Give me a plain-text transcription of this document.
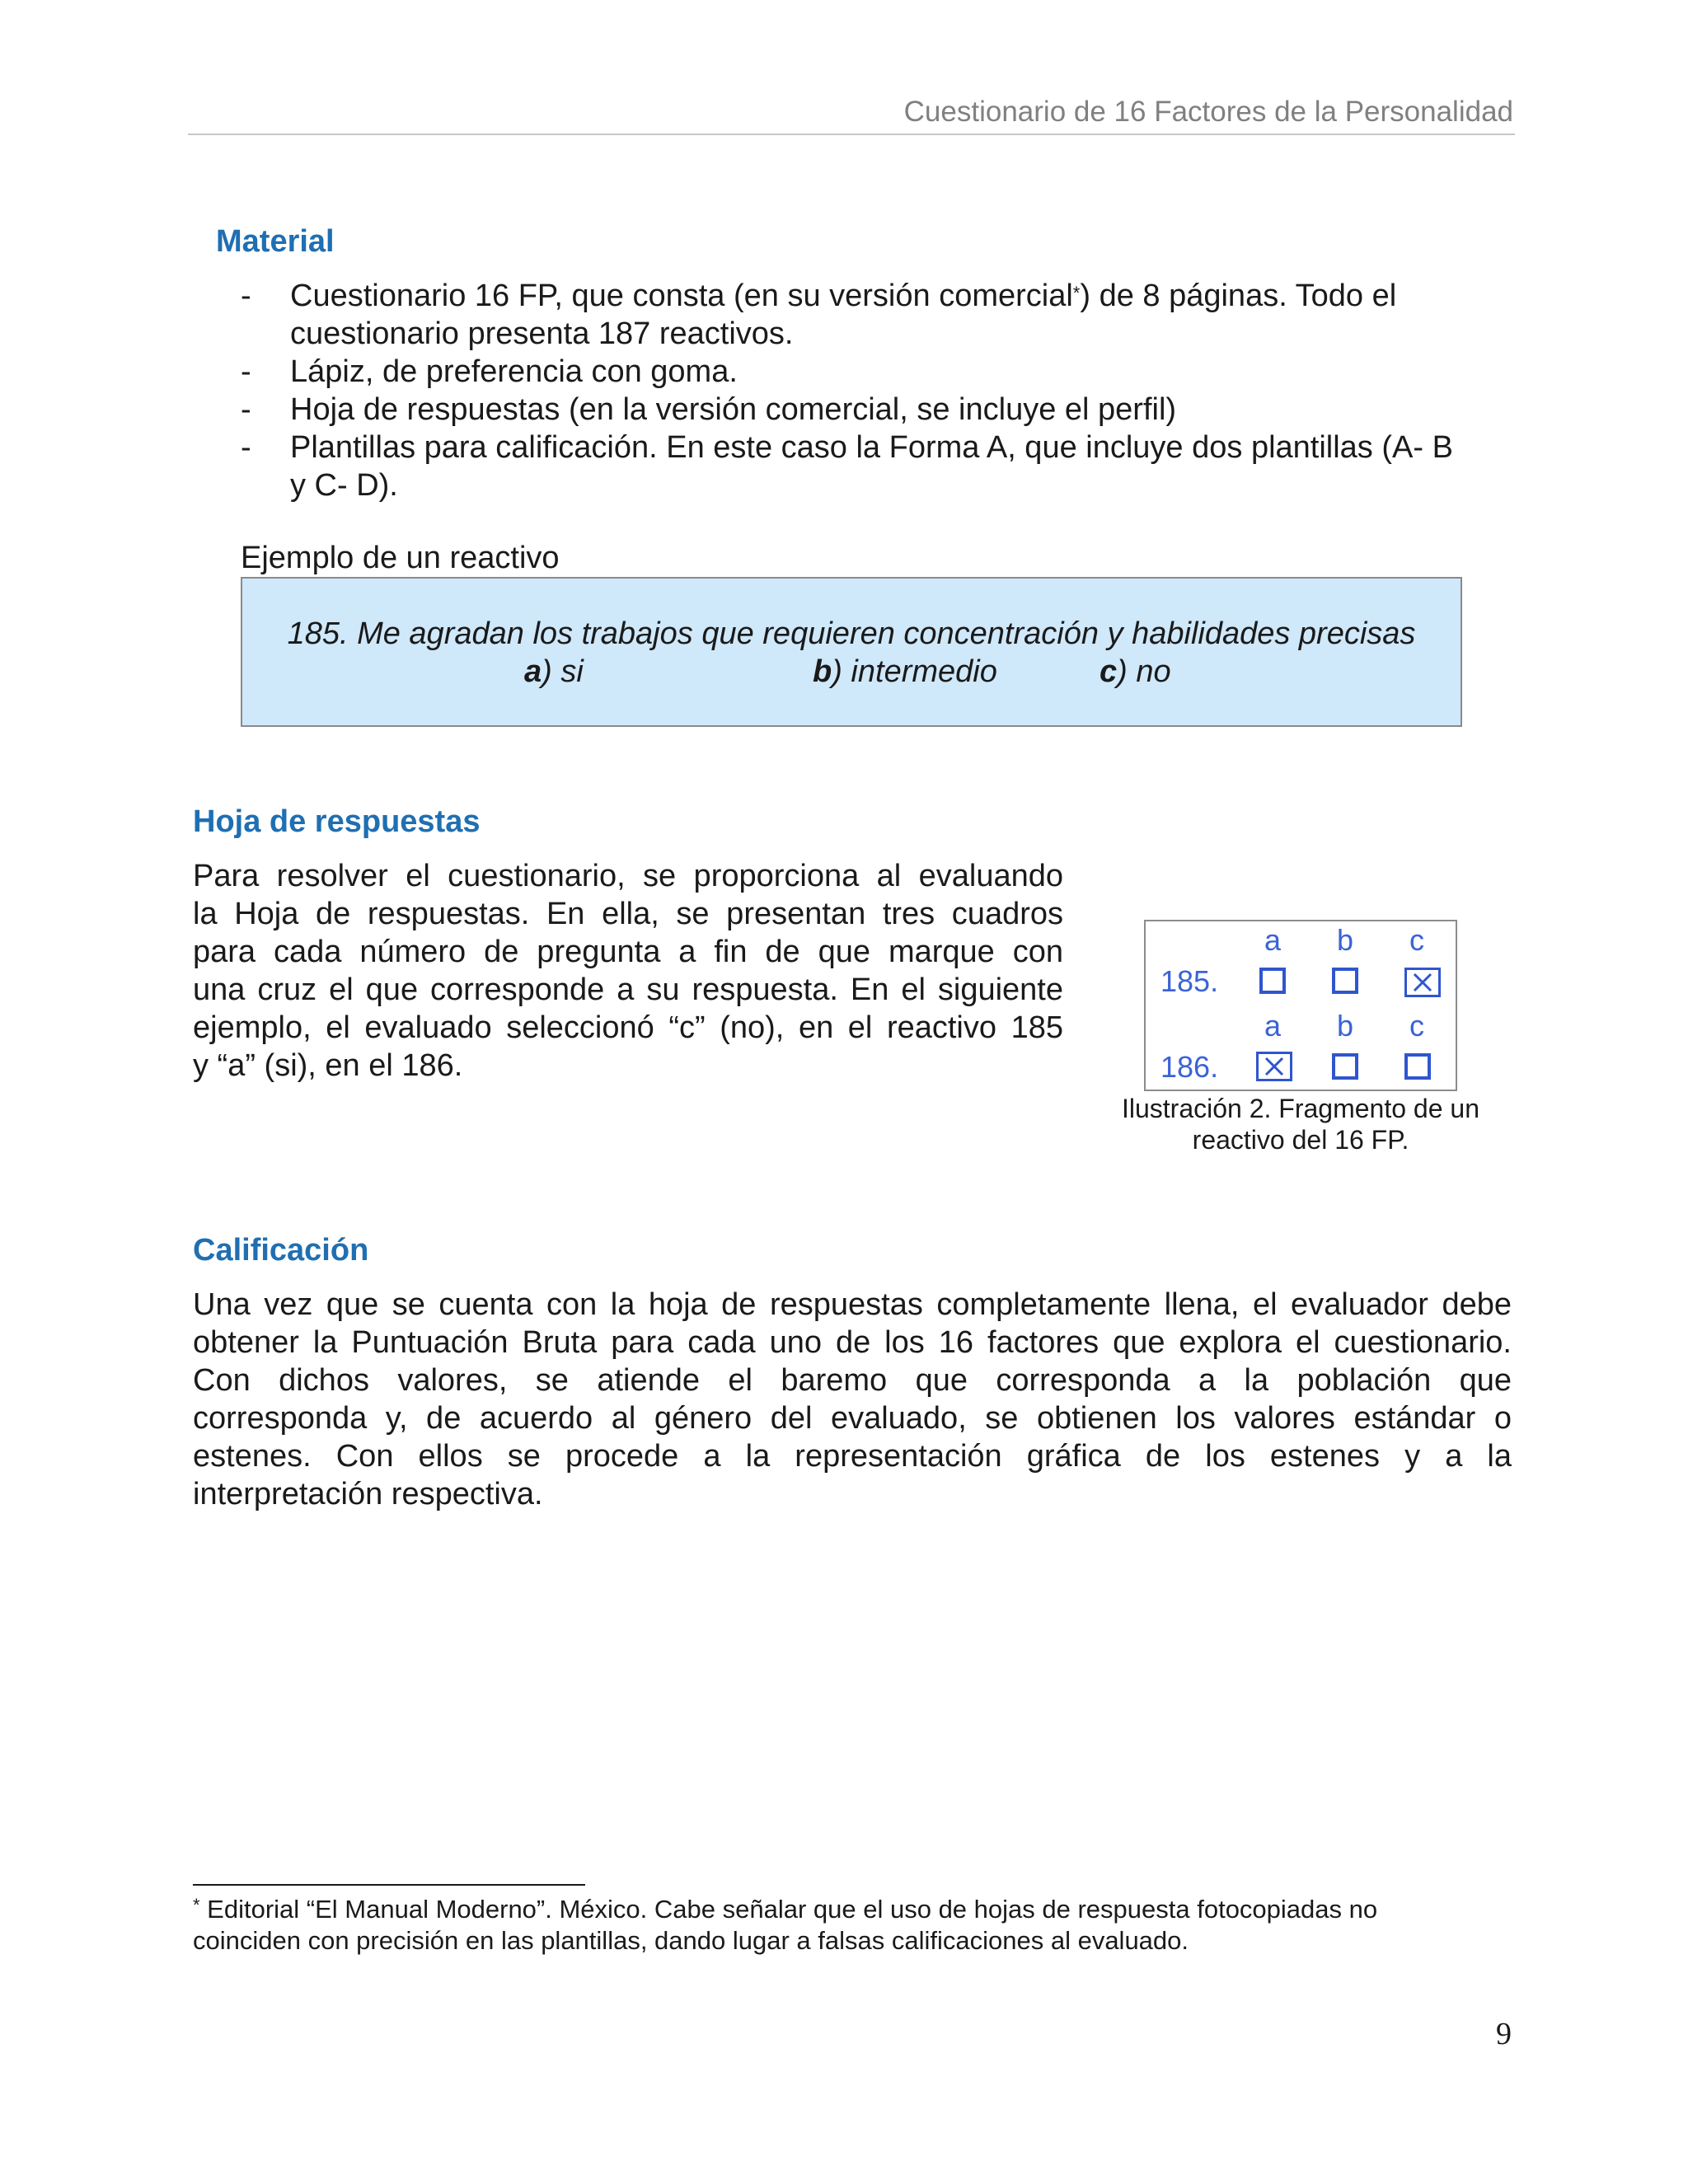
Cuestionario de 16 Factores de la Personalidad
Material
- Cuestionario 16 FP, que consta (en su versión comercial*) de 8 páginas. Todo el
cuestionario presenta 187 reactivos.
- Lápiz, de preferencia con goma.
- Hoja de respuestas (en la versión comercial, se incluye el perfil)
- Plantillas para calificación. En este caso la Forma A, que incluye dos plantillas (A- B
y C- D).
Ejemplo de un reactivo
185. Me agradan los trabajos que requieren concentración y habilidades precisas
a) si	b) intermedio	c) no
Hoja de respuestas
Para resolver el cuestionario, se proporciona al evaluando
la Hoja de respuestas. En ella, se presentan tres cuadros
para cada número de pregunta a fin de que marque con
una cruz el que corresponde a su respuesta. En el siguiente
ejemplo, el evaluado seleccionó “c” (no), en el reactivo 185
y “a” (si), en el 186.
a b c
185.
a b c
186.
Ilustración 2. Fragmento de un
reactivo del 16 FP.
Calificación
Una vez que se cuenta con la hoja de respuestas completamente llena, el evaluador debe
obtener la Puntuación Bruta para cada uno de los 16 factores que explora el cuestionario.
Con dichos valores, se atiende el baremo que corresponda a la población que
corresponda y, de acuerdo al género del evaluado, se obtienen los valores estándar o
estenes. Con ellos se procede a la representación gráfica de los estenes y a la
interpretación respectiva.
* Editorial “El Manual Moderno”. México. Cabe señalar que el uso de hojas de respuesta fotocopiadas no
coinciden con precisión en las plantillas, dando lugar a falsas calificaciones al evaluado.
9
